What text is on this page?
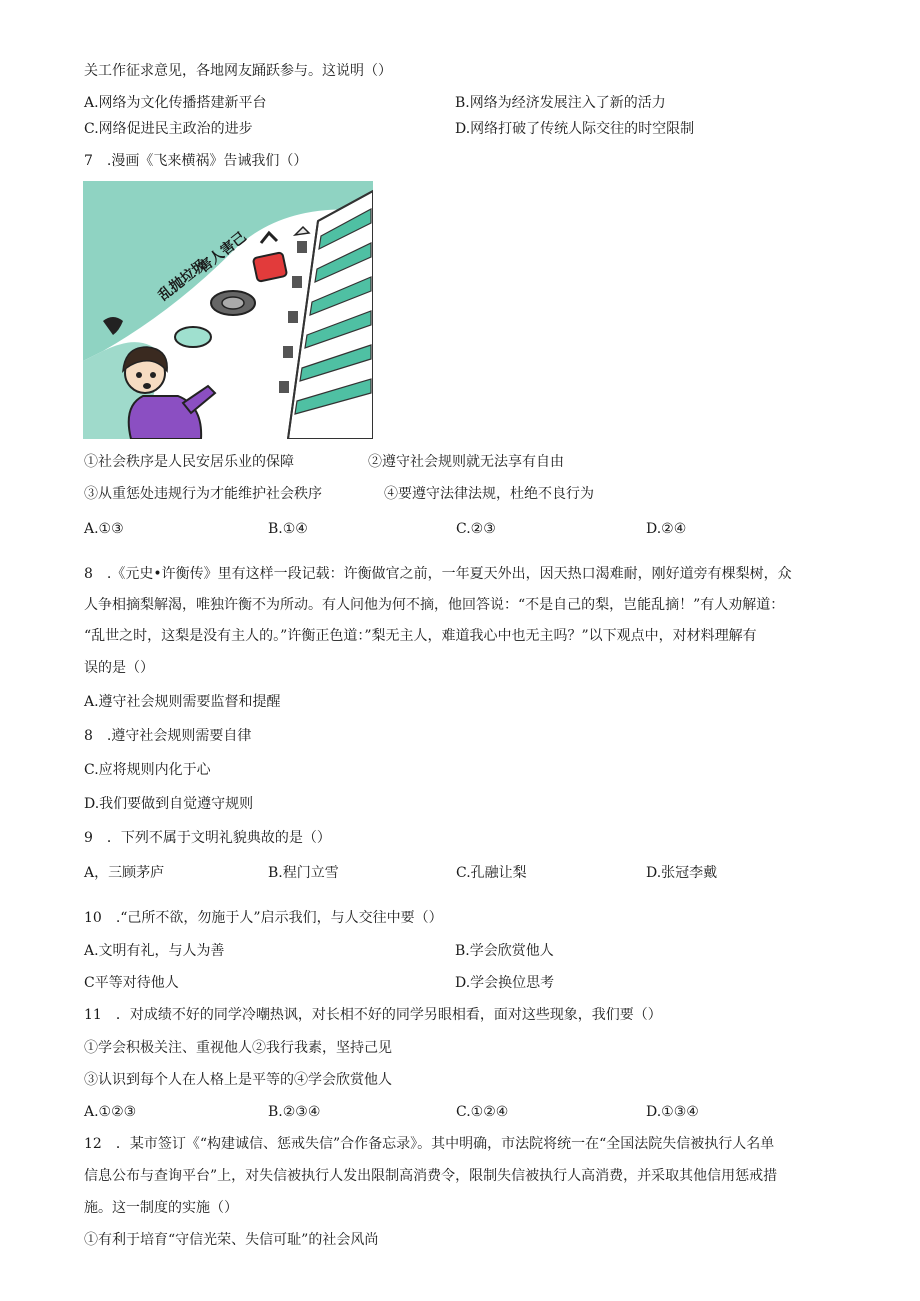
关工作征求意见，各地网友踊跃参与。这说明（）
A.网络为文化传播搭建新平台	B.网络为经济发展注入了新的活力
C.网络促进民主政治的进步	D.网络打破了传统人际交往的时空限制
7　.漫画《飞来横祸》告诫我们（）
乱抛垃圾
害人害己
①社会秩序是人民安居乐业的保障	②遵守社会规则就无法享有自由
③从重惩处违规行为才能维护社会秩序	④要遵守法律法规，杜绝不良行为
A.①③	B.①④	C.②③	D.②④
8　.《元史•许衡传》里有这样一段记载：许衡做官之前，一年夏天外出，因天热口渴难耐，刚好道旁有棵梨树，众
人争相摘梨解渴，唯独许衡不为所动。有人问他为何不摘，他回答说：“不是自己的梨，岂能乱摘！”有人劝解道：
“乱世之时，这梨是没有主人的。”许衡正色道：”梨无主人，难道我心中也无主吗？”以下观点中，对材料理解有
误的是（）
A.遵守社会规则需要监督和提醒
8　.遵守社会规则需要自律
C.应将规则内化于心
D.我们要做到自觉遵守规则
9　．下列不属于文明礼貌典故的是（）
A，三顾茅庐	B.程门立雪	C.孔融让梨	D.张冠李戴
10　.“己所不欲，勿施于人”启示我们，与人交往中要（）
A.文明有礼，与人为善	B.学会欣赏他人
C平等对待他人	D.学会换位思考
11　．对成绩不好的同学冷嘲热讽，对长相不好的同学另眼相看，面对这些现象，我们要（）
①学会积极关注、重视他人②我行我素，坚持己见
③认识到每个人在人格上是平等的④学会欣赏他人
A.①②③	B.②③④	C.①②④	D.①③④
12　．某市签订《“构建诚信、惩戒失信”合作备忘录》。其中明确，市法院将统一在“全国法院失信被执行人名单
信息公布与查询平台”上，对失信被执行人发出限制高消费令，限制失信被执行人高消费，并采取其他信用惩戒措
施。这一制度的实施（）
①有利于培育“守信光荣、失信可耻”的社会风尚
